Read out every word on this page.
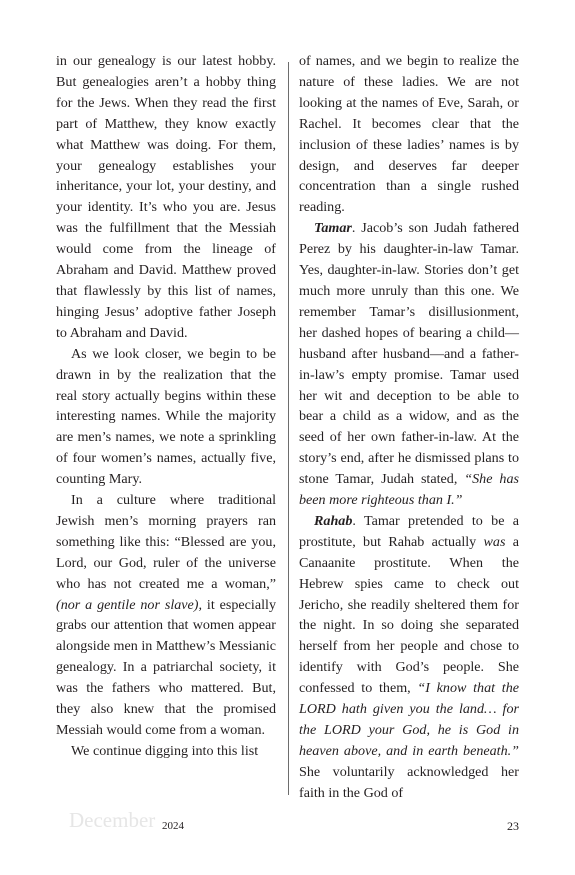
in our genealogy is our latest hobby. But genealogies aren’t a hobby thing for the Jews. When they read the first part of Matthew, they know exactly what Matthew was doing. For them, your genealogy establishes your inheritance, your lot, your destiny, and your identity. It’s who you are. Jesus was the fulfillment that the Messiah would come from the lineage of Abraham and David. Matthew proved that flawlessly by this list of names, hinging Jesus’ adoptive father Joseph to Abraham and David.

As we look closer, we begin to be drawn in by the realization that the real story actually begins within these interesting names. While the majority are men’s names, we note a sprinkling of four women’s names, actually five, counting Mary.

In a culture where traditional Jewish men’s morning prayers ran something like this: “Blessed are you, Lord, our God, ruler of the universe who has not created me a woman,” (nor a gentile nor slave), it especially grabs our attention that women appear alongside men in Matthew’s Messianic genealogy. In a patriarchal society, it was the fathers who mattered. But, they also knew that the promised Messiah would come from a woman.

We continue digging into this list

of names, and we begin to realize the nature of these ladies. We are not looking at the names of Eve, Sarah, or Rachel. It becomes clear that the inclusion of these ladies’ names is by design, and deserves far deeper concentration than a single rushed reading.

Tamar. Jacob’s son Judah fathered Perez by his daughter-in-law Tamar. Yes, daughter-in-law. Stories don’t get much more unruly than this one. We remember Tamar’s disillusionment, her dashed hopes of bearing a child—husband after husband—and a father-in-law’s empty promise. Tamar used her wit and deception to be able to bear a child as a widow, and as the seed of her own father-in-law. At the story’s end, after he dismissed plans to stone Tamar, Judah stated, “She has been more righteous than I.”

Rahab. Tamar pretended to be a prostitute, but Rahab actually was a Canaanite prostitute. When the Hebrew spies came to check out Jericho, she readily sheltered them for the night. In so doing she separated herself from her people and chose to identify with God’s people. She confessed to them, “I know that the LORD hath given you the land… for the LORD your God, he is God in heaven above, and in earth beneath.” She voluntarily acknowledged her faith in the God of

December 2024	23
